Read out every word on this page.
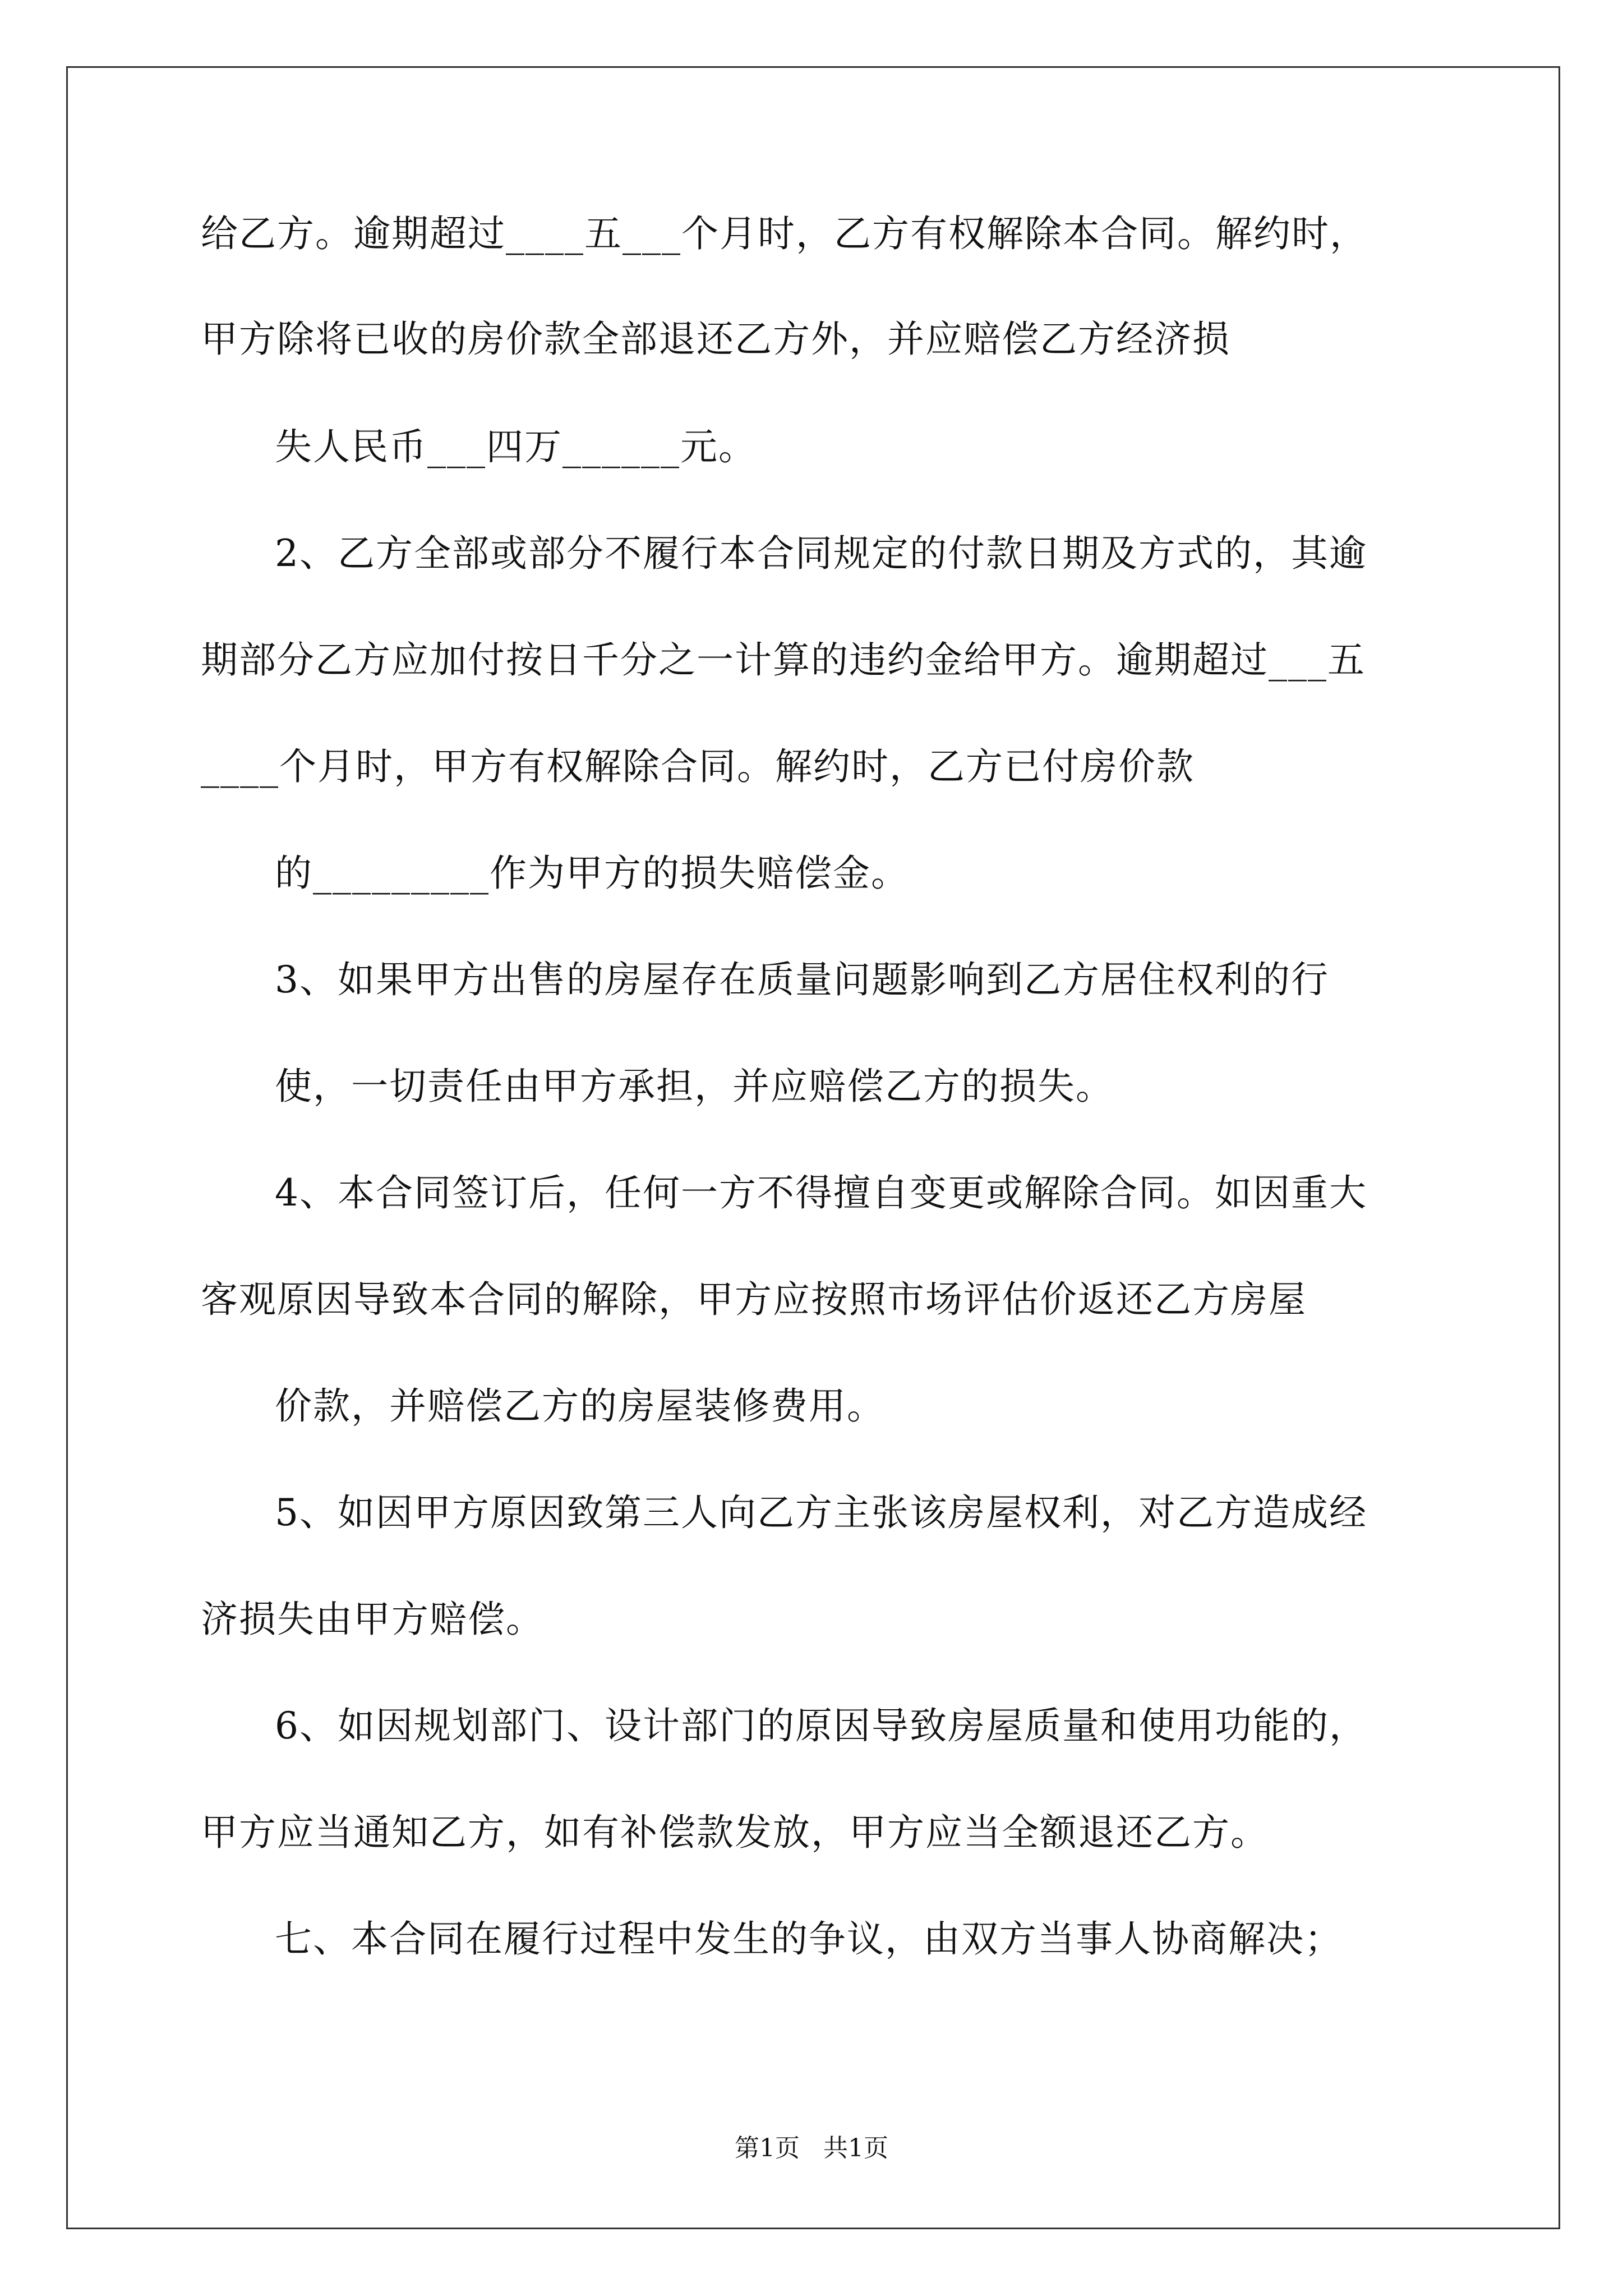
给乙方。逾期超过____五___个月时，乙方有权解除本合同。解约时，

甲方除将已收的房价款全部退还乙方外，并应赔偿乙方经济损

失人民币___四万______元。

2、乙方全部或部分不履行本合同规定的付款日期及方式的，其逾

期部分乙方应加付按日千分之一计算的违约金给甲方。逾期超过___五

____个月时，甲方有权解除合同。解约时，乙方已付房价款

的_________作为甲方的损失赔偿金。

3、如果甲方出售的房屋存在质量问题影响到乙方居住权利的行

使，一切责任由甲方承担，并应赔偿乙方的损失。

4、本合同签订后，任何一方不得擅自变更或解除合同。如因重大

客观原因导致本合同的解除，甲方应按照市场评估价返还乙方房屋

价款，并赔偿乙方的房屋装修费用。

5、如因甲方原因致第三人向乙方主张该房屋权利，对乙方造成经

济损失由甲方赔偿。

6、如因规划部门、设计部门的原因导致房屋质量和使用功能的，

甲方应当通知乙方，如有补偿款发放，甲方应当全额退还乙方。

七、本合同在履行过程中发生的争议，由双方当事人协商解决；

第1页   共1页
